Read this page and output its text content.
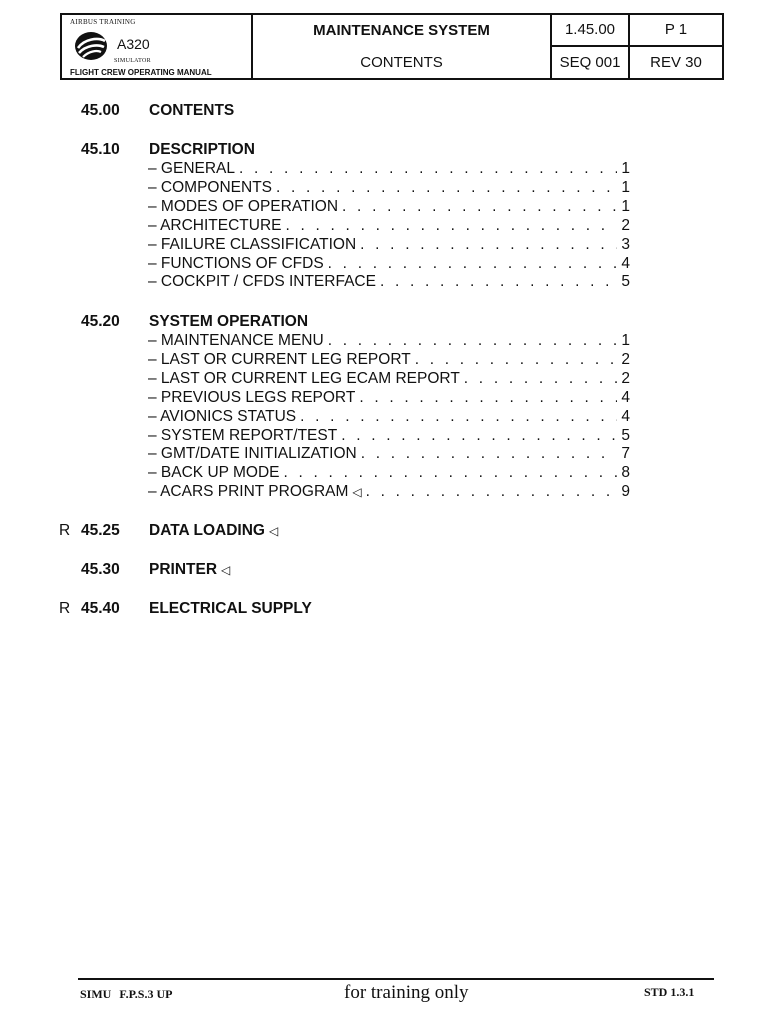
AIRBUS TRAINING
A320
SIMULATOR
FLIGHT CREW OPERATING MANUAL
MAINTENANCE SYSTEM
CONTENTS
1.45.00	P 1
SEQ 001	REV 30
45.00 CONTENTS
45.10 DESCRIPTION
– GENERAL . . .	1
– COMPONENTS . . .	1
– MODES OF OPERATION . . .	1
– ARCHITECTURE . . .	2
– FAILURE CLASSIFICATION . . .	3
– FUNCTIONS OF CFDS . . .	4
– COCKPIT / CFDS INTERFACE . . .	5
45.20 SYSTEM OPERATION
– MAINTENANCE MENU . . .	1
– LAST OR CURRENT LEG REPORT . . .	2
– LAST OR CURRENT LEG ECAM REPORT . . .	2
– PREVIOUS LEGS REPORT . . .	4
– AVIONICS STATUS . . .	4
– SYSTEM REPORT/TEST . . .	5
– GMT/DATE INITIALIZATION . . .	7
– BACK UP MODE . . .	8
– ACARS PRINT PROGRAM ◁ . . .	9
R 45.25 DATA LOADING ◁
45.30 PRINTER ◁
R 45.40 ELECTRICAL SUPPLY
SIMU F.P.S.3 UP	for training only	STD 1.3.1
